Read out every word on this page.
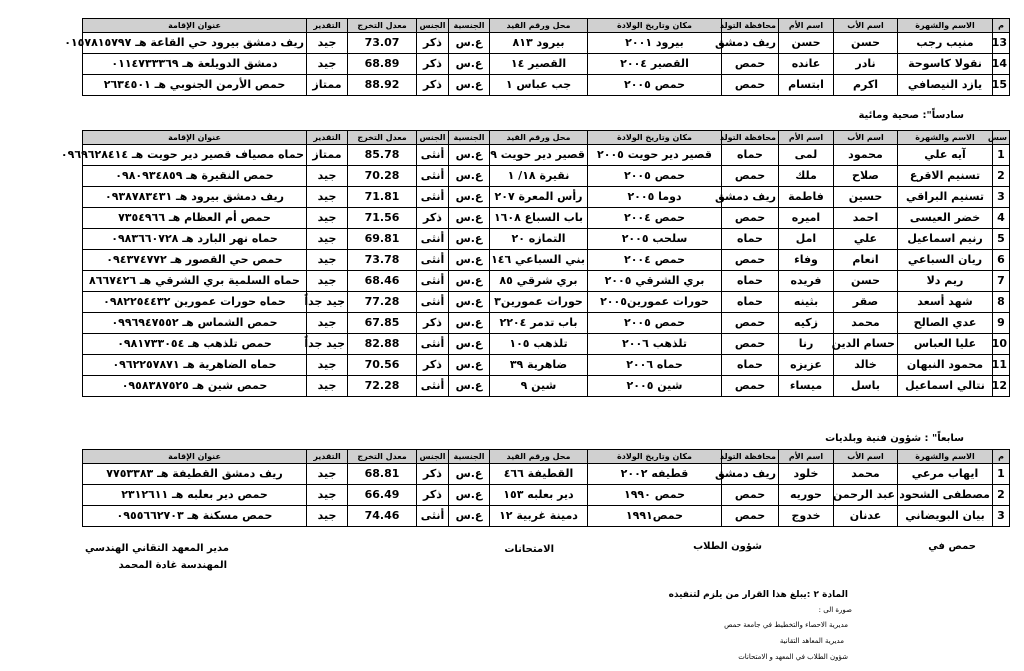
م	الاسم والشهرة	اسم الأب	اسم الأم	محافظة التولد	مكان وتاريخ الولادة	محل ورقم القيد	الجنسية	الجنس	معدل التخرج	التقدير	عنوان الإقامة
13	منيب رجب	حسن	حسن	ريف دمشق	بيرود ٢٠٠١	بيرود ٨١٣	ع.س	ذكر	73.07	جيد	ريف دمشق بيرود حي القاعة هـ ٠١٥٧٨١٥٧٩٧
14	نقولا كاسوحة	نادر	عانده	حمص	القصير ٢٠٠٤	القصير ١٤	ع.س	ذكر	68.89	جيد	دمشق الدويلعة هـ ٠١١٤٧٣٣٣٦٩
15	يازد النيصافي	اكرم	ابتسام	حمص	حمص ٢٠٠٥	جب عباس ١	ع.س	ذكر	88.92	ممتاز	حمص الأرمن الجنوبي هـ ٢٦٣٤٥٠١
سادساً": صحية ومائية
سس	الاسم والشهرة	اسم الأب	اسم الأم	محافظة التولد	مكان وتاريخ الولادة	محل ورقم القيد	الجنسية	الجنس	معدل التخرج	التقدير	عنوان الإقامة
1	آيه علي	محمود	لمى	حماه	قصير دير حويت ٢٠٠٥	قصير دير حويت ٩	ع.س	أنثى	85.78	ممتاز	حماه مصياف قصير دير حويت هـ ٠٩٦٩٦٢٨٤١٤
2	تسنيم الاقرع	صلاح	ملك	حمص	حمص ٢٠٠٥	نقيرة ١٨/ ١	ع.س	أنثى	70.28	جيد	حمص النقيرة هـ ٠٩٨٠٩٣٤٨٥٩
3	تسنيم البراقي	حسين	فاطمة	ريف دمشق	دوما ٢٠٠٥	رأس المعرة ٢٠٧	ع.س	أنثى	71.81	جيد	ريف دمشق بيرود هـ ٠٩٣٨٧٨٣٤٣١
4	خضر العيسى	احمد	اميره	حمص	حمص ٢٠٠٤	باب السباع ١٦٠٨	ع.س	ذكر	71.56	جيد	حمص أم العظام هـ ٧٣٥٤٩٦٦
5	رنيم اسماعيل	علي	امل	حماه	سلحب ٢٠٠٥	التمازه ٢٠	ع.س	أنثى	69.81	جيد	حماه نهر البارد هـ ٠٩٨٣٦٦٠٧٢٨
6	ريان السباعي	انعام	وفاء	حمص	حمص ٢٠٠٤	بني السباعي ١٤٦	ع.س	أنثى	73.78	جيد	حمص حي القصور هـ ٠٩٤٣٧٤٧٧٢
7	ريم دلا	حسن	فريده	حماه	بري الشرقي ٢٠٠٥	بري شرقي ٨٥	ع.س	أنثى	68.46	جيد	حماه السلمية بري الشرقي هـ ٨٦٦٧٤٢٦
8	شهد أسعد	صقر	بثينه	حماه	حورات عمورين٢٠٠٥	حورات عمورين٣	ع.س	أنثى	77.28	جيد جداً	حماه حورات عمورين ٠٩٨٢٢٥٤٤٣٢
9	عدي الصالح	محمد	زكيه	حمص	حمص ٢٠٠٥	باب تدمر ٢٢٠٤	ع.س	ذكر	67.85	جيد	حمص الشماس هـ ٠٩٩٦٩٤٧٥٥٢
10	عليا العباس	حسام الدين	رنا	حمص	تلذهب ٢٠٠٦	تلذهب ١٠٥	ع.س	أنثى	82.88	جيد جداً	حمص تلذهب هـ ٠٩٨١٧٣٣٠٥٤
11	محمود النبهان	خالد	عزيزه	حماه	حماه ٢٠٠٦	ضاهرية ٣٩	ع.س	ذكر	70.56	جيد	حماه الضاهرية هـ ٠٩٦٢٢٥٧٨٧١
12	نتالي اسماعيل	باسل	ميساء	حمص	شين ٢٠٠٥	شين ٩	ع.س	أنثى	72.28	جيد	حمص شين هـ ٠٩٥٨٣٨٧٥٢٥
سابعاً" : شؤون فنية وبلديات
م	الاسم والشهرة	اسم الأب	اسم الأم	محافظة التولد	مكان وتاريخ الولادة	محل ورقم القيد	الجنسية	الجنس	معدل التخرج	التقدير	عنوان الإقامة
1	ايهاب مرعي	محمد	خلود	ريف دمشق	قطيفه ٢٠٠٢	القطيفة ٤٦٦	ع.س	ذكر	68.81	جيد	ريف دمشق القطيفة هـ ٧٧٥٣٣٨٣
2	مصطفى الشحود	عبد الرحمن	حوريه	حمص	حمص ١٩٩٠	دير بعلبه ١٥٣	ع.س	ذكر	66.49	جيد	حمص دير بعلبه هـ ٢٣١٢٦١١
3	بيان البويضاني	عدنان	خدوج	حمص	حمص١٩٩١	دمينة غربية ١٢	ع.س	أنثى	74.46	جيد	حمص مسكنة هـ ٠٩٥٥٦٦٢٧٠٣
حمص في
شؤون الطلاب
الامتحانات
مدير المعهد التقاني الهندسي
المهندسة غادة المحمد
المادة ٢ :يبلغ هذا القرار من يلزم لتنفيذه
صورة الى :
مديرية الاحصاء والتخطيط في جامعة حمص
مديرية المعاهد التقانية
شؤون الطلاب في المعهد و الامتحانات
